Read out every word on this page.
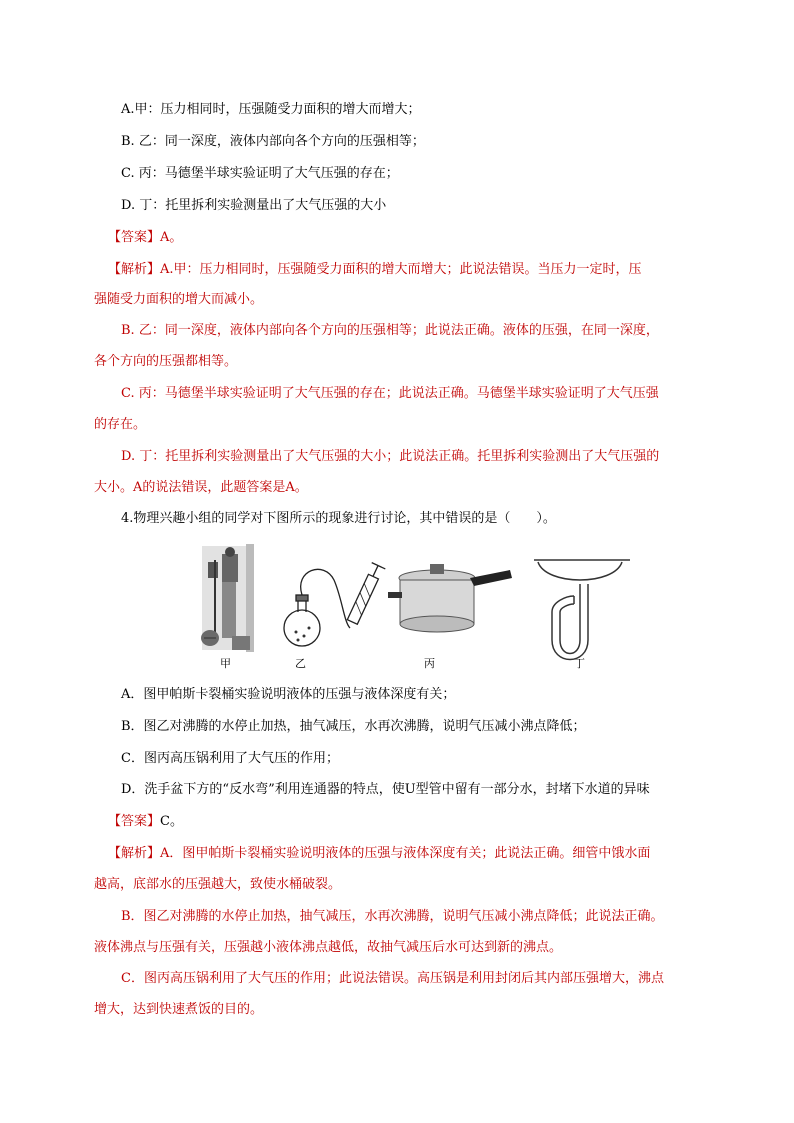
A.甲：压力相同时，压强随受力面积的增大而增大；
B. 乙：同一深度，液体内部向各个方向的压强相等；
C. 丙：马德堡半球实验证明了大气压强的存在；
D. 丁：托里拆利实验测量出了大气压强的大小
【答案】A。
【解析】A.甲：压力相同时，压强随受力面积的增大而增大；此说法错误。当压力一定时，压
强随受力面积的增大而减小。
B. 乙：同一深度，液体内部向各个方向的压强相等；此说法正确。液体的压强，在同一深度，
各个方向的压强都相等。
C. 丙：马德堡半球实验证明了大气压强的存在；此说法正确。马德堡半球实验证明了大气压强
的存在。
D. 丁：托里拆利实验测量出了大气压强的大小；此说法正确。托里拆利实验测出了大气压强的
大小。A的说法错误，此题答案是A。
4.物理兴趣小组的同学对下图所示的现象进行讨论，其中错误的是（　　）。
甲	乙	丙	丁
A．图甲帕斯卡裂桶实验说明液体的压强与液体深度有关；
B．图乙对沸腾的水停止加热，抽气减压，水再次沸腾，说明气压减小沸点降低；
C．图丙高压锅利用了大气压的作用；
D．洗手盆下方的“反水弯”利用连通器的特点，使U型管中留有一部分水，封堵下水道的异味
【答案】C。
【解析】A．图甲帕斯卡裂桶实验说明液体的压强与液体深度有关；此说法正确。细管中饿水面
越高，底部水的压强越大，致使水桶破裂。
B．图乙对沸腾的水停止加热，抽气减压，水再次沸腾，说明气压减小沸点降低；此说法正确。
液体沸点与压强有关，压强越小液体沸点越低，故抽气减压后水可达到新的沸点。
C．图丙高压锅利用了大气压的作用；此说法错误。高压锅是利用封闭后其内部压强增大，沸点
增大，达到快速煮饭的目的。
